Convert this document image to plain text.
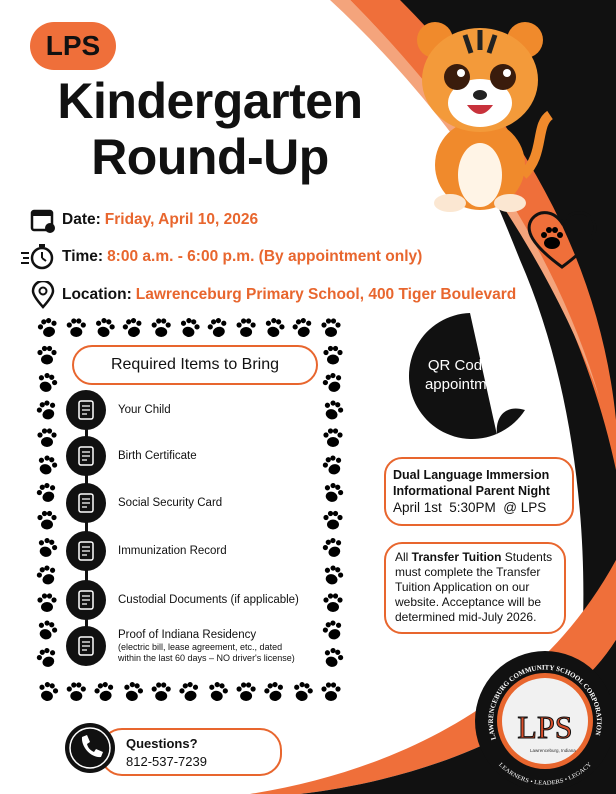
LPS
Kindergarten
Round-Up
Date: Friday, April 10, 2026
Time: 8:00 a.m. - 6:00 p.m. (By appointment only)
Location: Lawrenceburg Primary School, 400 Tiger Boulevard
Required Items to Bring
Your Child
Birth Certificate
Social Security Card
Immunization Record
Custodial Documents (if applicable)
Proof of Indiana Residency
(electric bill, lease agreement, etc., dated
within the last 60 days – NO driver's license)
QR Code for appointments
Dual Language Immersion
Informational Parent Night
April 1st  5:30PM  @ LPS
All Transfer Tuition Students must complete the Transfer Tuition Application on our website. Acceptance will be determined mid-July 2026.
Questions?
812-537-7239
LAWRENCEBURG COMMUNITY SCHOOL CORPORATION
LEARNERS • LEADERS • LEGACY
LPS
Lawrenceburg, Indiana
